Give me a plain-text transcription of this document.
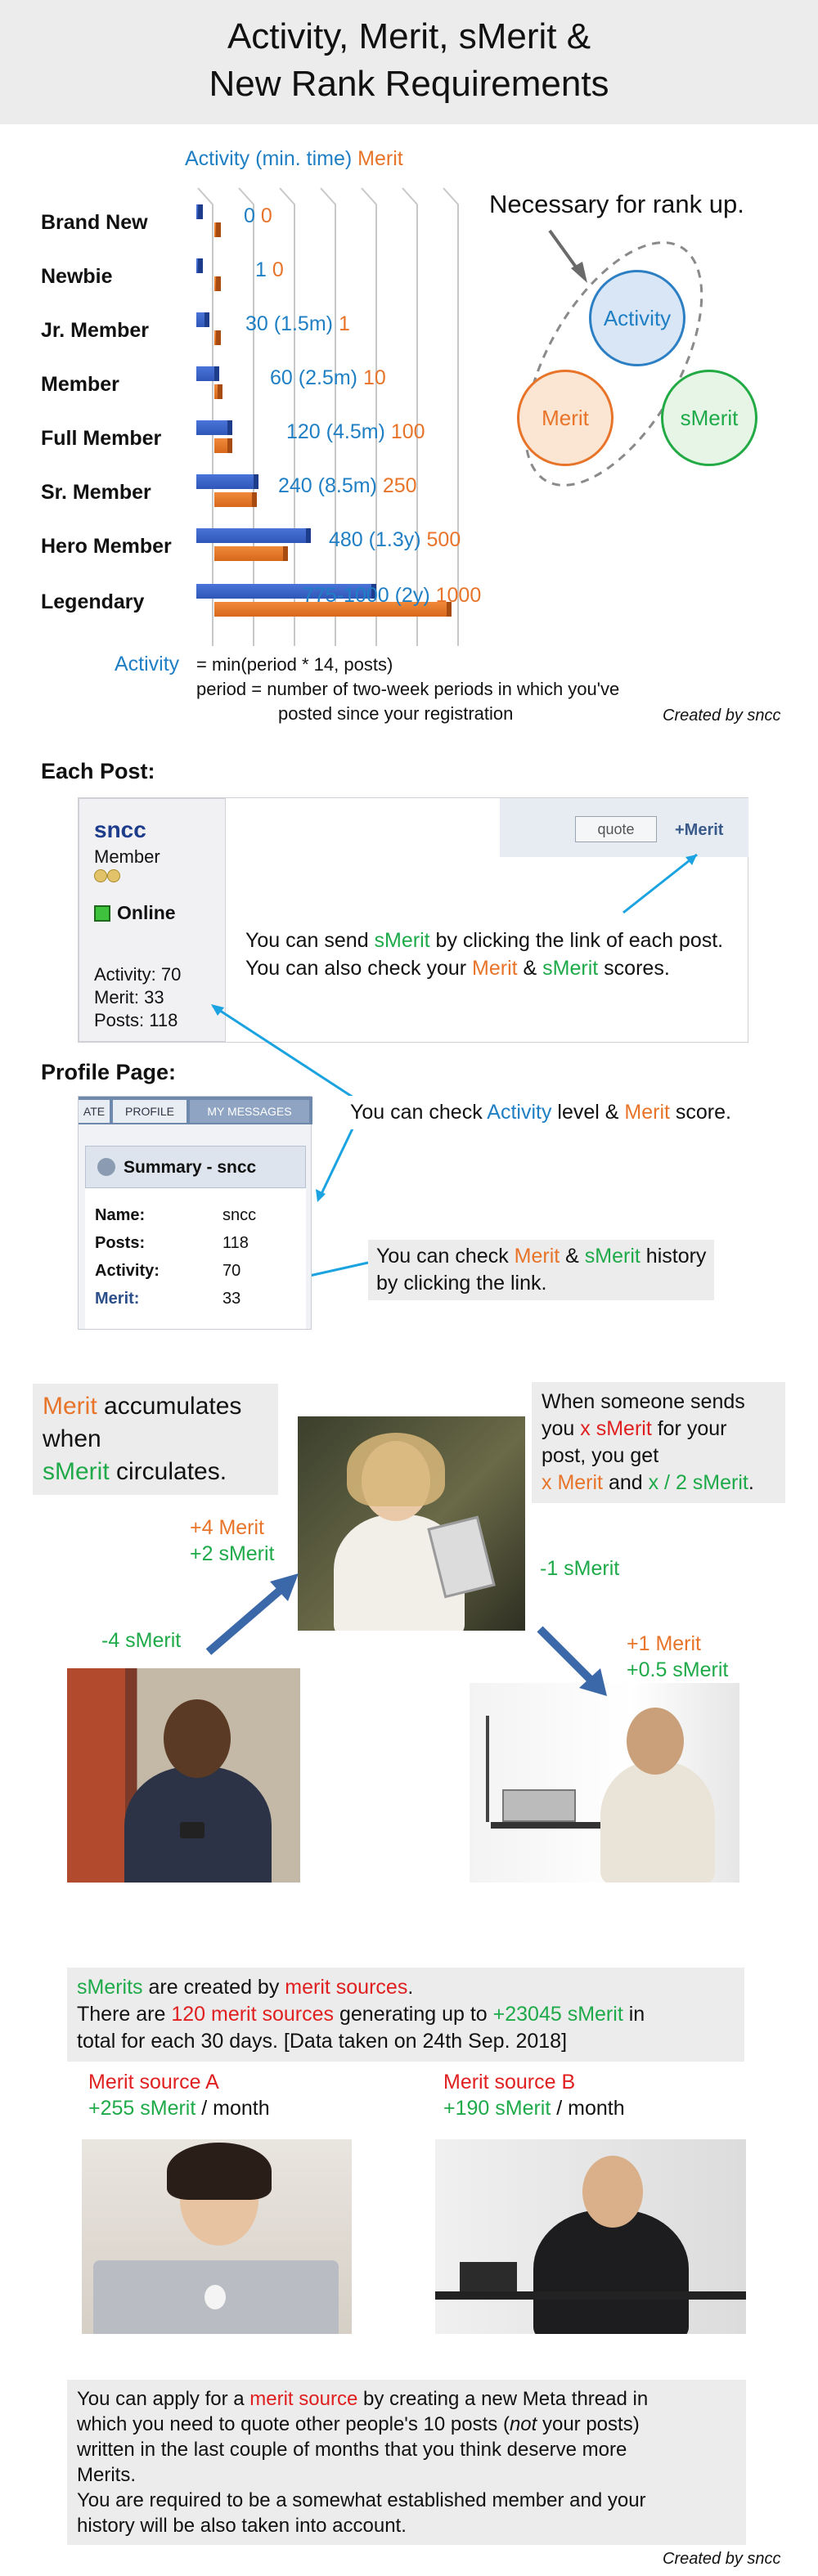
Activity, Merit, sMerit &
New Rank Requirements
Activity (min. time) Merit
Brand New	0 0
Newbie	1 0
Jr. Member	30 (1.5m) 1
Member	60 (2.5m) 10
Full Member	120 (4.5m) 100
Sr. Member	240 (8.5m) 250
Hero Member	480 (1.3y) 500
Legendary	775-1000 (2y) 1000
Necessary for rank up.
Activity
Merit	sMerit
Activity = min(period * 14, posts)
period = number of two-week periods in which you've
posted since your registration	Created by sncc
Each Post:
sncc
Member
Online
Activity: 70
Merit: 33
Posts: 118
quote	+Merit
You can send sMerit by clicking the link of each post.
You can also check your Merit & sMerit scores.
Profile Page:
ATE	PROFILE	MY MESSAGES
Summary - sncc
Name:	sncc
Posts:	118
Activity:	70
Merit:	33
You can check Activity level & Merit score.
You can check Merit & sMerit history
by clicking the link.
Merit accumulates
when
sMerit circulates.
When someone sends
you x sMerit for your
post, you get
x Merit and x / 2 sMerit.
+4 Merit
+2 sMerit
-4 sMerit
-1 sMerit
+1 Merit
+0.5 sMerit
sMerits are created by merit sources.
There are 120 merit sources generating up to +23045 sMerit in
total for each 30 days. [Data taken on 24th Sep. 2018]
Merit source A
+255 sMerit / month
Merit source B
+190 sMerit / month
You can apply for a merit source by creating a new Meta thread in
which you need to quote other people's 10 posts (not your posts)
written in the last couple of months that you think deserve more
Merits.
You are required to be a somewhat established member and your
history will be also taken into account.
Created by sncc
